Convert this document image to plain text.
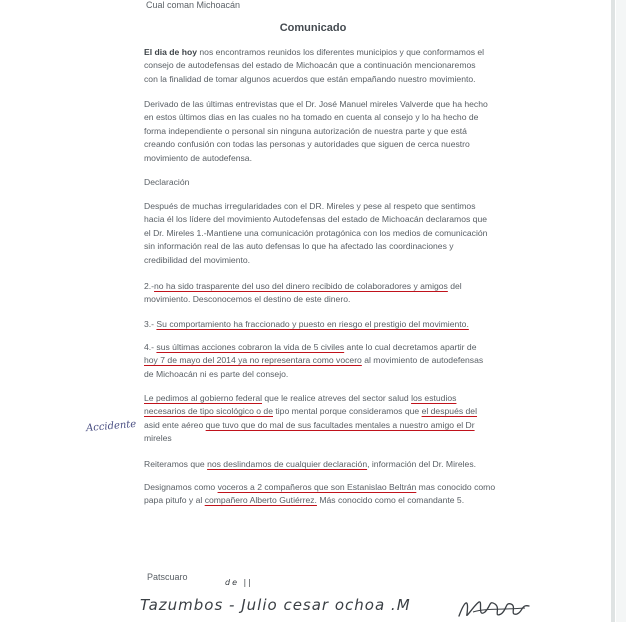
Cual coman Michoacán
Comunicado
El dia de hoy nos encontramos reunidos los diferentes municipios y que conformamos el
consejo de autodefensas del estado de Michoacán que a continuación mencionaremos
con la finalidad de tomar algunos acuerdos que están empañando nuestro movimiento.
Derivado de las últimas entrevistas que el Dr. José Manuel mireles Valverde que ha hecho
en estos últimos dias en las cuales no ha tomado en cuenta al consejo y lo ha hecho de
forma independiente o personal sin ninguna autorización de nuestra parte y que está
creando confusión con todas las personas y autoridades que siguen de cerca nuestro
movimiento de autodefensa.
Declaración
Después de muchas irregularidades con el DR. Mireles y pese al respeto que sentimos
hacia él los lídere del movimiento Autodefensas del estado de Michoacán declaramos que
el Dr. Mireles 1.-Mantiene una comunicación protagónica con los medios de comunicación
sin información real de las auto defensas lo que ha afectado las coordinaciones y
credibilidad del movimiento.
2.-no ha sido trasparente del uso del dinero recibido de colaboradores y amigos del
movimiento. Desconocemos el destino de este dinero.
3.- Su comportamiento ha fraccionado y puesto en riesgo el prestigio del movimiento.
4.- sus últimas acciones cobraron la vida de 5 civiles ante lo cual decretamos apartir de
hoy 7 de mayo del 2014 ya no representara como vocero al movimiento de autodefensas
de Michoacán ni es parte del consejo.
Le pedimos al gobierno federal que le realice atreves del sector salud los estudios
necesarios de tipo sicológico o de tipo mental porque consideramos que el después del
asid ente aéreo que tuvo que do mal de sus facultades mentales a nuestro amigo el Dr
mireles
Reiteramos que nos deslindamos de cualquier declaración, información del Dr. Mireles.
Designamos como voceros a 2 compañeros que son Estanislao Beltrán mas conocido como
papa pitufo y al compañero Alberto Gutiérrez. Más conocido como el comandante 5.
Accidente
Patscuaro
de ||
Tazumbos - Julio cesar ochoa .M
